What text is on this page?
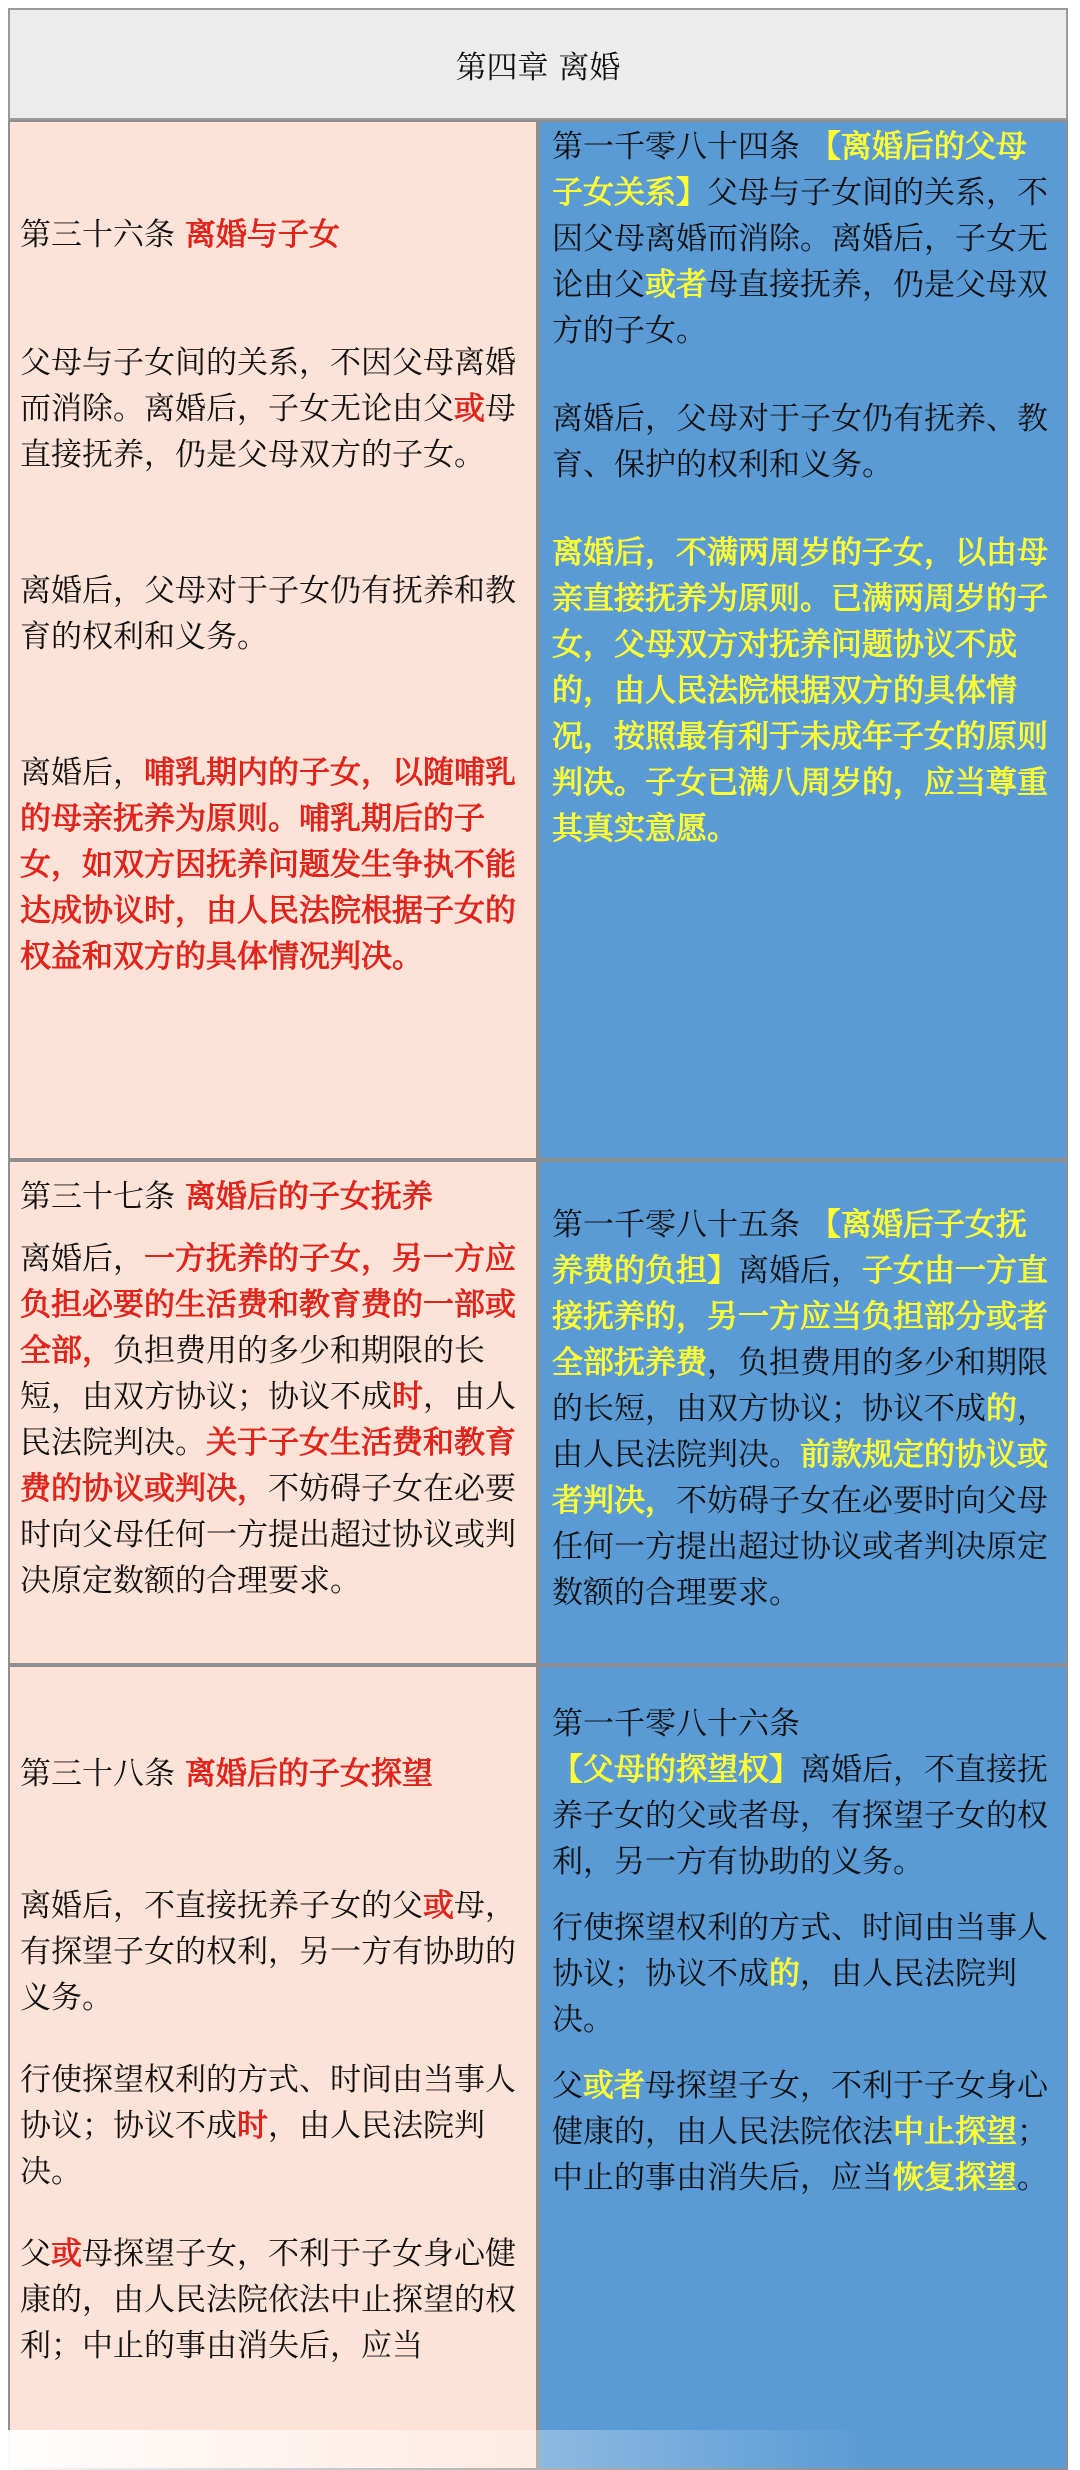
第四章 离婚

第三十六条 离婚与子女

父母与子女间的关系，不因父母离婚而消除。离婚后，子女无论由父或母直接抚养，仍是父母双方的子女。

离婚后，父母对于子女仍有抚养和教育的权利和义务。

离婚后，哺乳期内的子女，以随哺乳的母亲抚养为原则。哺乳期后的子女，如双方因抚养问题发生争执不能达成协议时，由人民法院根据子女的权益和双方的具体情况判决。

第一千零八十四条 【离婚后的父母子女关系】父母与子女间的关系，不因父母离婚而消除。离婚后，子女无论由父或者母直接抚养，仍是父母双方的子女。

离婚后，父母对于子女仍有抚养、教育、保护的权利和义务。

离婚后，不满两周岁的子女，以由母亲直接抚养为原则。已满两周岁的子女，父母双方对抚养问题协议不成的，由人民法院根据双方的具体情况，按照最有利于未成年子女的原则判决。子女已满八周岁的，应当尊重其真实意愿。

第三十七条 离婚后的子女抚养

离婚后，一方抚养的子女，另一方应负担必要的生活费和教育费的一部或全部，负担费用的多少和期限的长短，由双方协议；协议不成时，由人民法院判决。关于子女生活费和教育费的协议或判决，不妨碍子女在必要时向父母任何一方提出超过协议或判决原定数额的合理要求。

第一千零八十五条 【离婚后子女抚养费的负担】离婚后，子女由一方直接抚养的，另一方应当负担部分或者全部抚养费，负担费用的多少和期限的长短，由双方协议；协议不成的，由人民法院判决。前款规定的协议或者判决，不妨碍子女在必要时向父母任何一方提出超过协议或者判决原定数额的合理要求。

第三十八条 离婚后的子女探望

离婚后，不直接抚养子女的父或母，有探望子女的权利，另一方有协助的义务。

行使探望权利的方式、时间由当事人协议；协议不成时，由人民法院判决。

父或母探望子女，不利于子女身心健康的，由人民法院依法中止探望的权利；中止的事由消失后，应当

第一千零八十六条 【父母的探望权】离婚后，不直接抚养子女的父或者母，有探望子女的权利，另一方有协助的义务。

行使探望权利的方式、时间由当事人协议；协议不成的，由人民法院判决。

父或者母探望子女，不利于子女身心健康的，由人民法院依法中止探望；中止的事由消失后，应当恢复探望。
